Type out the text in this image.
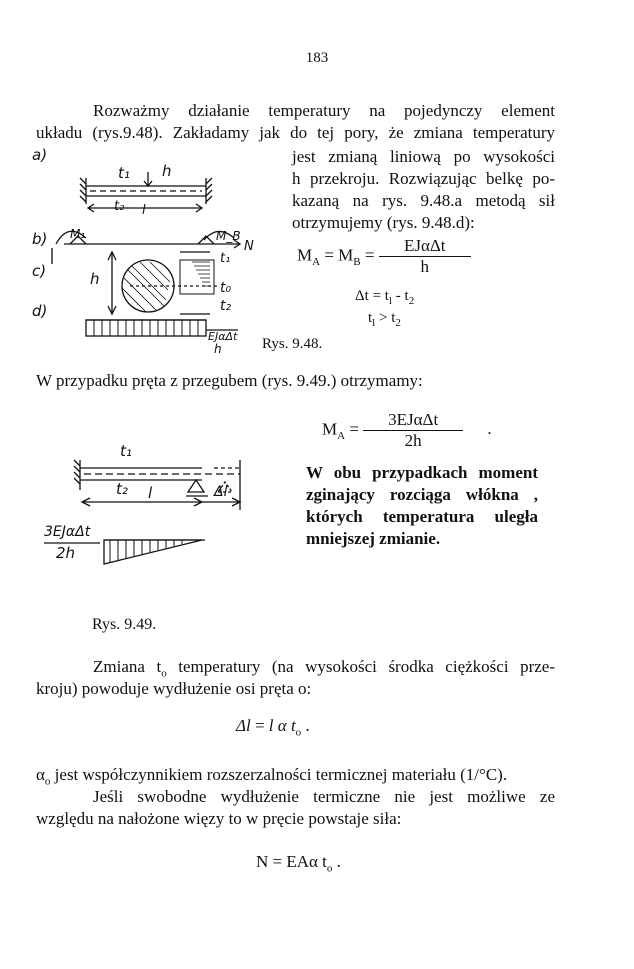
183
Rozważmy działanie temperatury na pojedynczy element
układu (rys.9.48). Zakładamy jak do tej pory, że zmiana temperatury
jest zmianą liniową po wysokości
h przekroju. Rozwiązując belkę po-
kazaną na rys. 9.48.a metodą sił
otrzymujemy (rys. 9.48.d):
$M_A = M_B = \frac{\text{EJαΔt}}{h}$
$\Delta t = t_l - t_2$
$t_l > t_2$
a)
t₁ h
t₂ l
b) M₁	M_B
N
c)	h
t₁
t₀
t₂
d)
EJαΔt
h	Rys. 9.48.
W przypadku pręta z przegubem (rys. 9.49.) otrzymamy:
$M_A = \frac{\text{3EJαΔt}}{2h}$ .
W obu przypadkach moment
zginający rozciąga włókna ,
których temperatura uległa
mniejszej zmianie.
t₁
t₂ l	Δl
3EJαΔt
2h
Rys. 9.49.
Zmiana $t_o$ temperatury (na wysokości środka ciężkości prze-
kroju) powoduje wydłużenie osi pręta o:
Δl = l α $t_o$ .
$\alpha_o$ jest współczynnikiem rozszerzalności termicznej materiału (1/°C).
Jeśli swobodne wydłużenie termiczne nie jest możliwe ze
względu na nałożone więzy to w pręcie powstaje siła:
N = EAα $t_o$ .
